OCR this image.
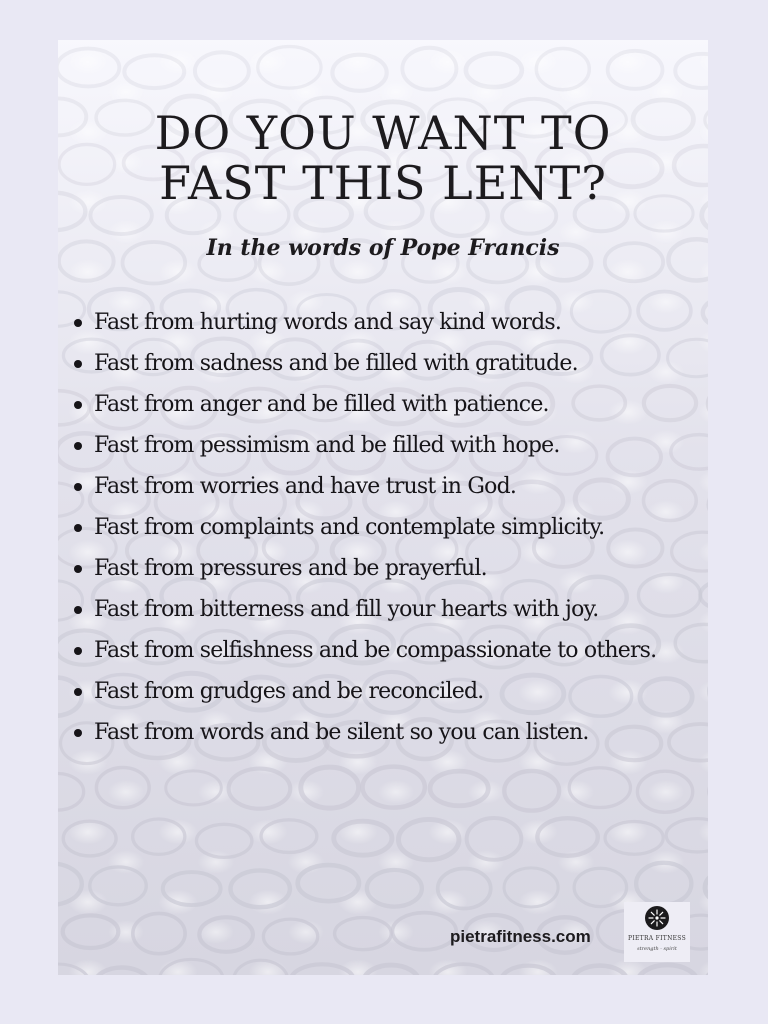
DO YOU WANT TO
FAST THIS LENT?
In the words of Pope Francis
Fast from hurting words and say kind words.
Fast from sadness and be filled with gratitude.
Fast from anger and be filled with patience.
Fast from pessimism and be filled with hope.
Fast from worries and have trust in God.
Fast from complaints and contemplate simplicity.
Fast from pressures and be prayerful.
Fast from bitterness and fill your hearts with joy.
Fast from selfishness and be compassionate to others.
Fast from grudges and be reconciled.
Fast from words and be silent so you can listen.
pietrafitness.com	PIETRA FITNESS
strength · spirit
